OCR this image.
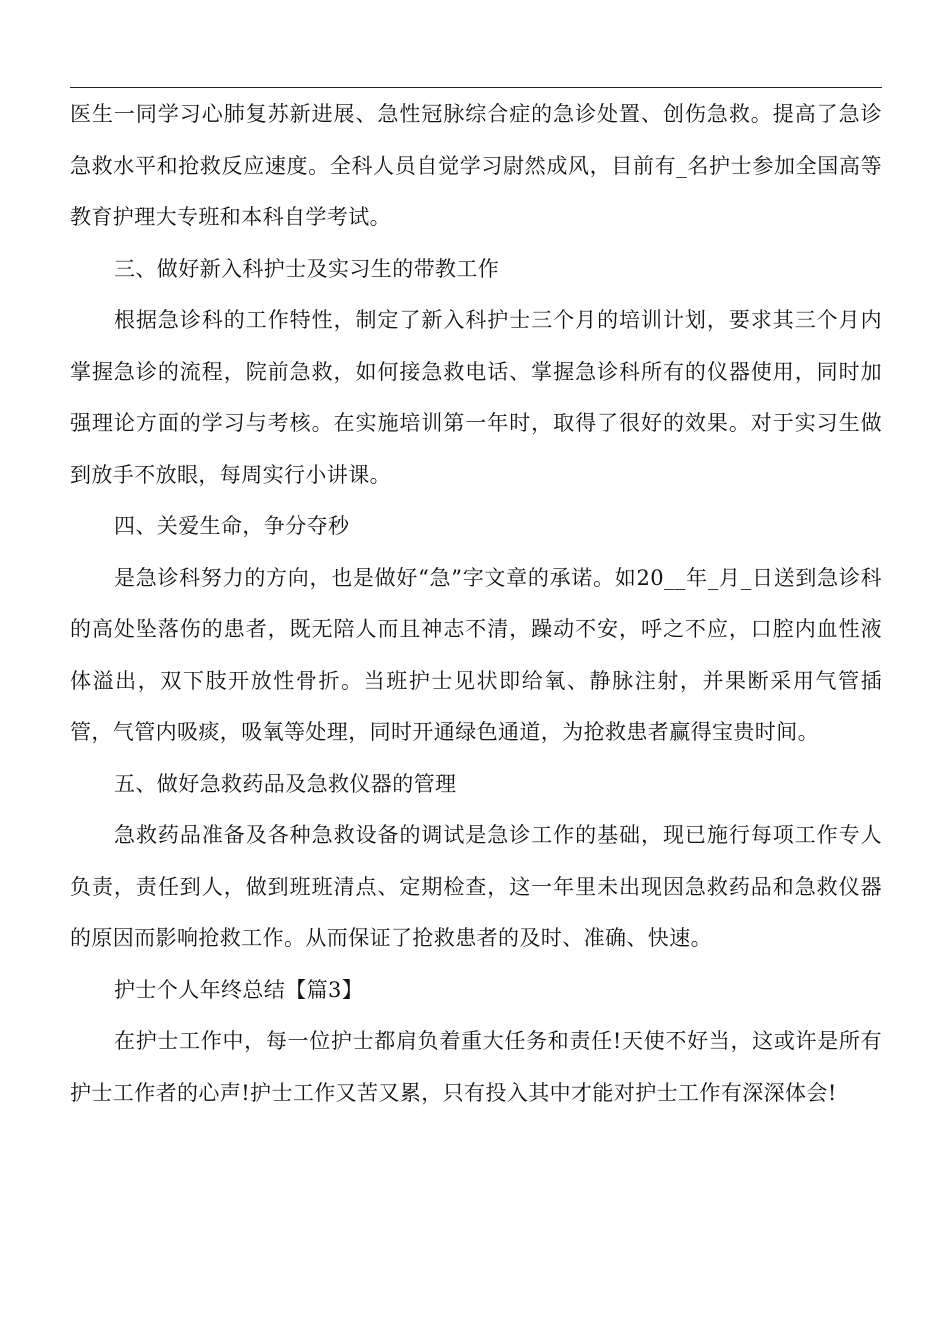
医生一同学习心肺复苏新进展、急性冠脉综合症的急诊处置、创伤急救。提高了急诊急救水平和抢救反应速度。全科人员自觉学习尉然成风，目前有_名护士参加全国高等教育护理大专班和本科自学考试。

三、做好新入科护士及实习生的带教工作

根据急诊科的工作特性，制定了新入科护士三个月的培训计划，要求其三个月内掌握急诊的流程，院前急救，如何接急救电话、掌握急诊科所有的仪器使用，同时加强理论方面的学习与考核。在实施培训第一年时，取得了很好的效果。对于实习生做到放手不放眼，每周实行小讲课。

四、关爱生命，争分夺秒

是急诊科努力的方向，也是做好“急”字文章的承诺。如20__年_月_日送到急诊科的高处坠落伤的患者，既无陪人而且神志不清，躁动不安，呼之不应，口腔内血性液体溢出，双下肢开放性骨折。当班护士见状即给氧、静脉注射，并果断采用气管插管，气管内吸痰，吸氧等处理，同时开通绿色通道，为抢救患者赢得宝贵时间。

五、做好急救药品及急救仪器的管理

急救药品准备及各种急救设备的调试是急诊工作的基础，现已施行每项工作专人负责，责任到人，做到班班清点、定期检查，这一年里未出现因急救药品和急救仪器的原因而影响抢救工作。从而保证了抢救患者的及时、准确、快速。

护士个人年终总结【篇3】

在护士工作中，每一位护士都肩负着重大任务和责任!天使不好当，这或许是所有护士工作者的心声!护士工作又苦又累，只有投入其中才能对护士工作有深深体会!
